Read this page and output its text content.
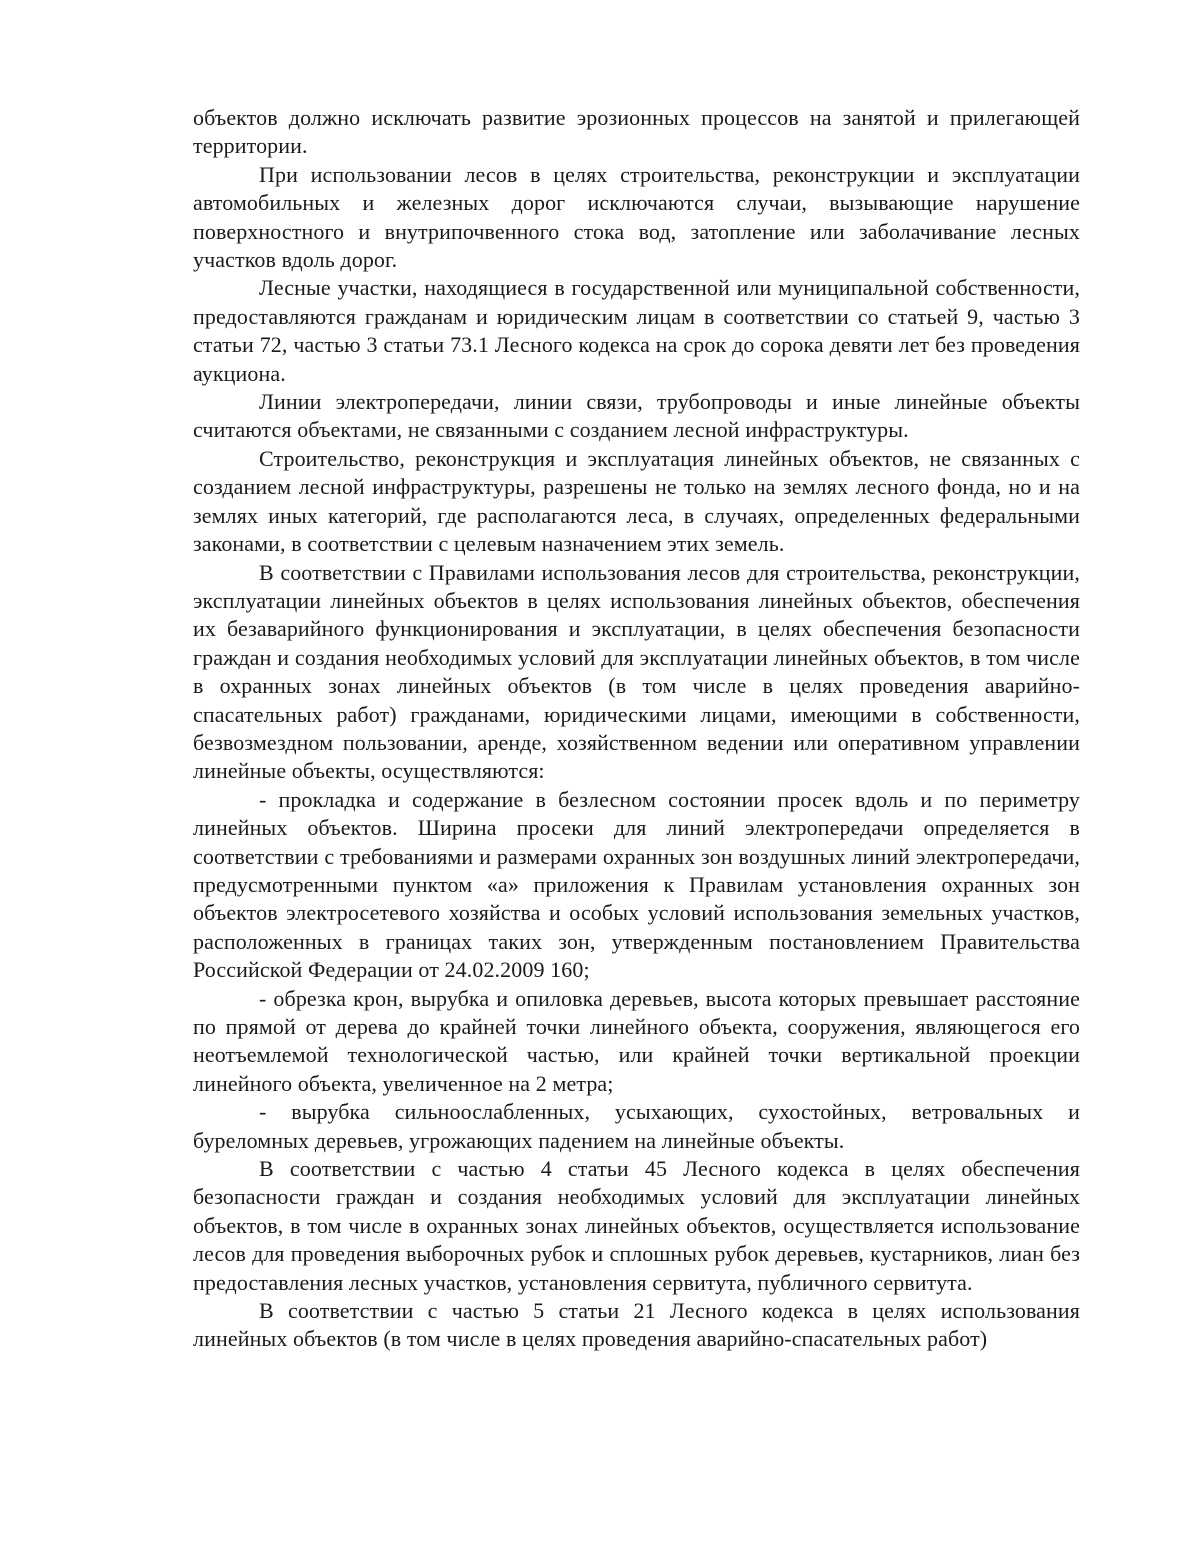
объектов должно исключать развитие эрозионных процессов на занятой и прилегающей территории.

При использовании лесов в целях строительства, реконструкции и эксплуатации автомобильных и железных дорог исключаются случаи, вызывающие нарушение поверхностного и внутрипочвенного стока вод, затопление или заболачивание лесных участков вдоль дорог.

Лесные участки, находящиеся в государственной или муниципальной собственности, предоставляются гражданам и юридическим лицам в соответствии со статьей 9, частью 3 статьи 72, частью 3 статьи 73.1 Лесного кодекса на срок до сорока девяти лет без проведения аукциона.

Линии электропередачи, линии связи, трубопроводы и иные линейные объекты считаются объектами, не связанными с созданием лесной инфраструктуры.

Строительство, реконструкция и эксплуатация линейных объектов, не связанных с созданием лесной инфраструктуры, разрешены не только на землях лесного фонда, но и на землях иных категорий, где располагаются леса, в случаях, определенных федеральными законами, в соответствии с целевым назначением этих земель.

В соответствии с Правилами использования лесов для строительства, реконструкции, эксплуатации линейных объектов в целях использования линейных объектов, обеспечения их безаварийного функционирования и эксплуатации, в целях обеспечения безопасности граждан и создания необходимых условий для эксплуатации линейных объектов, в том числе в охранных зонах линейных объектов (в том числе в целях проведения аварийно-спасательных работ) гражданами, юридическими лицами, имеющими в собственности, безвозмездном пользовании, аренде, хозяйственном ведении или оперативном управлении линейные объекты, осуществляются:

- прокладка и содержание в безлесном состоянии просек вдоль и по периметру линейных объектов. Ширина просеки для линий электропередачи определяется в соответствии с требованиями и размерами охранных зон воздушных линий электропередачи, предусмотренными пунктом «а» приложения к Правилам установления охранных зон объектов электросетевого хозяйства и особых условий использования земельных участков, расположенных в границах таких зон, утвержденным постановлением Правительства Российской Федерации от 24.02.2009 160;

- обрезка крон, вырубка и опиловка деревьев, высота которых превышает расстояние по прямой от дерева до крайней точки линейного объекта, сооружения, являющегося его неотъемлемой технологической частью, или крайней точки вертикальной проекции линейного объекта, увеличенное на 2 метра;

- вырубка сильноослабленных, усыхающих, сухостойных, ветровальных и буреломных деревьев, угрожающих падением на линейные объекты.

В соответствии с частью 4 статьи 45 Лесного кодекса в целях обеспечения безопасности граждан и создания необходимых условий для эксплуатации линейных объектов, в том числе в охранных зонах линейных объектов, осуществляется использование лесов для проведения выборочных рубок и сплошных рубок деревьев, кустарников, лиан без предоставления лесных участков, установления сервитута, публичного сервитута.

В соответствии с частью 5 статьи 21 Лесного кодекса в целях использования линейных объектов (в том числе в целях проведения аварийно-спасательных работ)
